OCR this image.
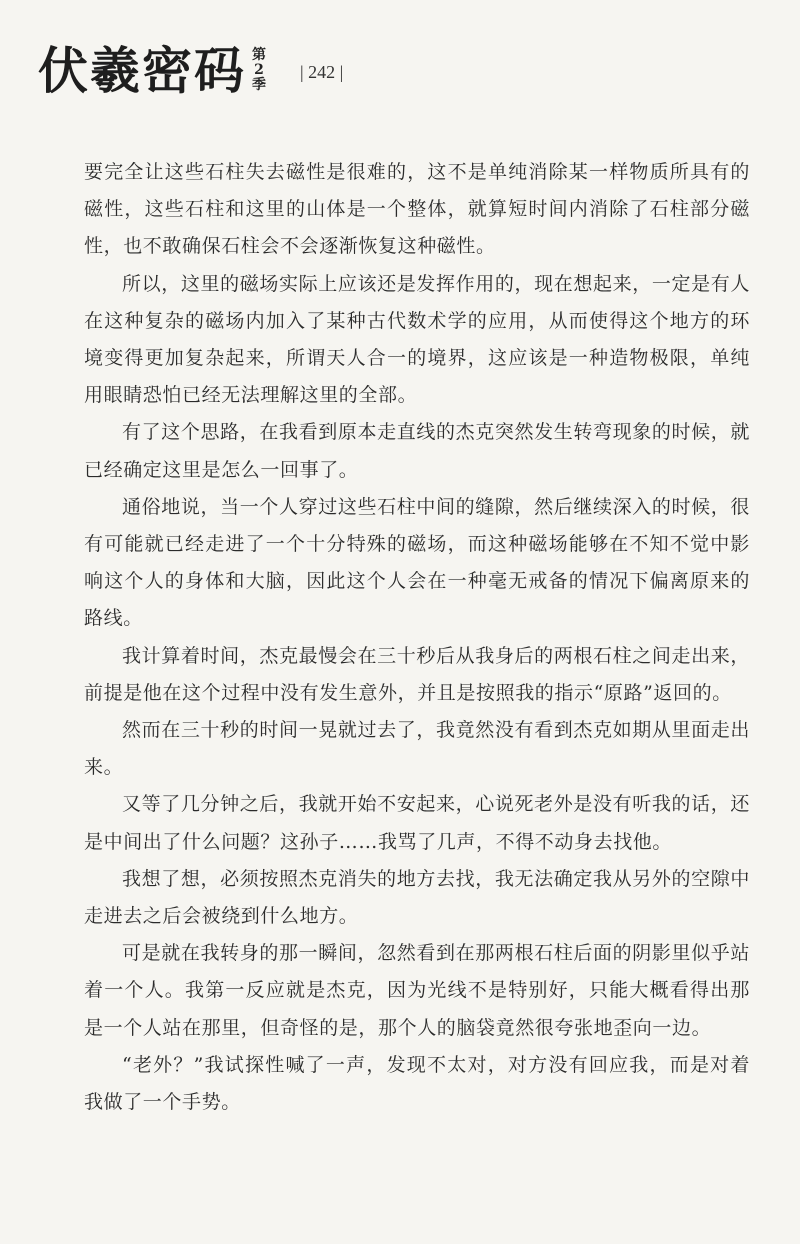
伏羲密码 第
2
季
| 242 |

要完全让这些石柱失去磁性是很难的，这不是单纯消除某一样物质所具有的磁性，这些石柱和这里的山体是一个整体，就算短时间内消除了石柱部分磁性，也不敢确保石柱会不会逐渐恢复这种磁性。

所以，这里的磁场实际上应该还是发挥作用的，现在想起来，一定是有人在这种复杂的磁场内加入了某种古代数术学的应用，从而使得这个地方的环境变得更加复杂起来，所谓天人合一的境界，这应该是一种造物极限，单纯用眼睛恐怕已经无法理解这里的全部。

有了这个思路，在我看到原本走直线的杰克突然发生转弯现象的时候，就已经确定这里是怎么一回事了。

通俗地说，当一个人穿过这些石柱中间的缝隙，然后继续深入的时候，很有可能就已经走进了一个十分特殊的磁场，而这种磁场能够在不知不觉中影响这个人的身体和大脑，因此这个人会在一种毫无戒备的情况下偏离原来的路线。

我计算着时间，杰克最慢会在三十秒后从我身后的两根石柱之间走出来，前提是他在这个过程中没有发生意外，并且是按照我的指示“原路”返回的。

然而在三十秒的时间一晃就过去了，我竟然没有看到杰克如期从里面走出来。

又等了几分钟之后，我就开始不安起来，心说死老外是没有听我的话，还是中间出了什么问题？这孙子……我骂了几声，不得不动身去找他。

我想了想，必须按照杰克消失的地方去找，我无法确定我从另外的空隙中走进去之后会被绕到什么地方。

可是就在我转身的那一瞬间，忽然看到在那两根石柱后面的阴影里似乎站着一个人。我第一反应就是杰克，因为光线不是特别好，只能大概看得出那是一个人站在那里，但奇怪的是，那个人的脑袋竟然很夸张地歪向一边。

“老外？”我试探性喊了一声，发现不太对，对方没有回应我，而是对着我做了一个手势。
